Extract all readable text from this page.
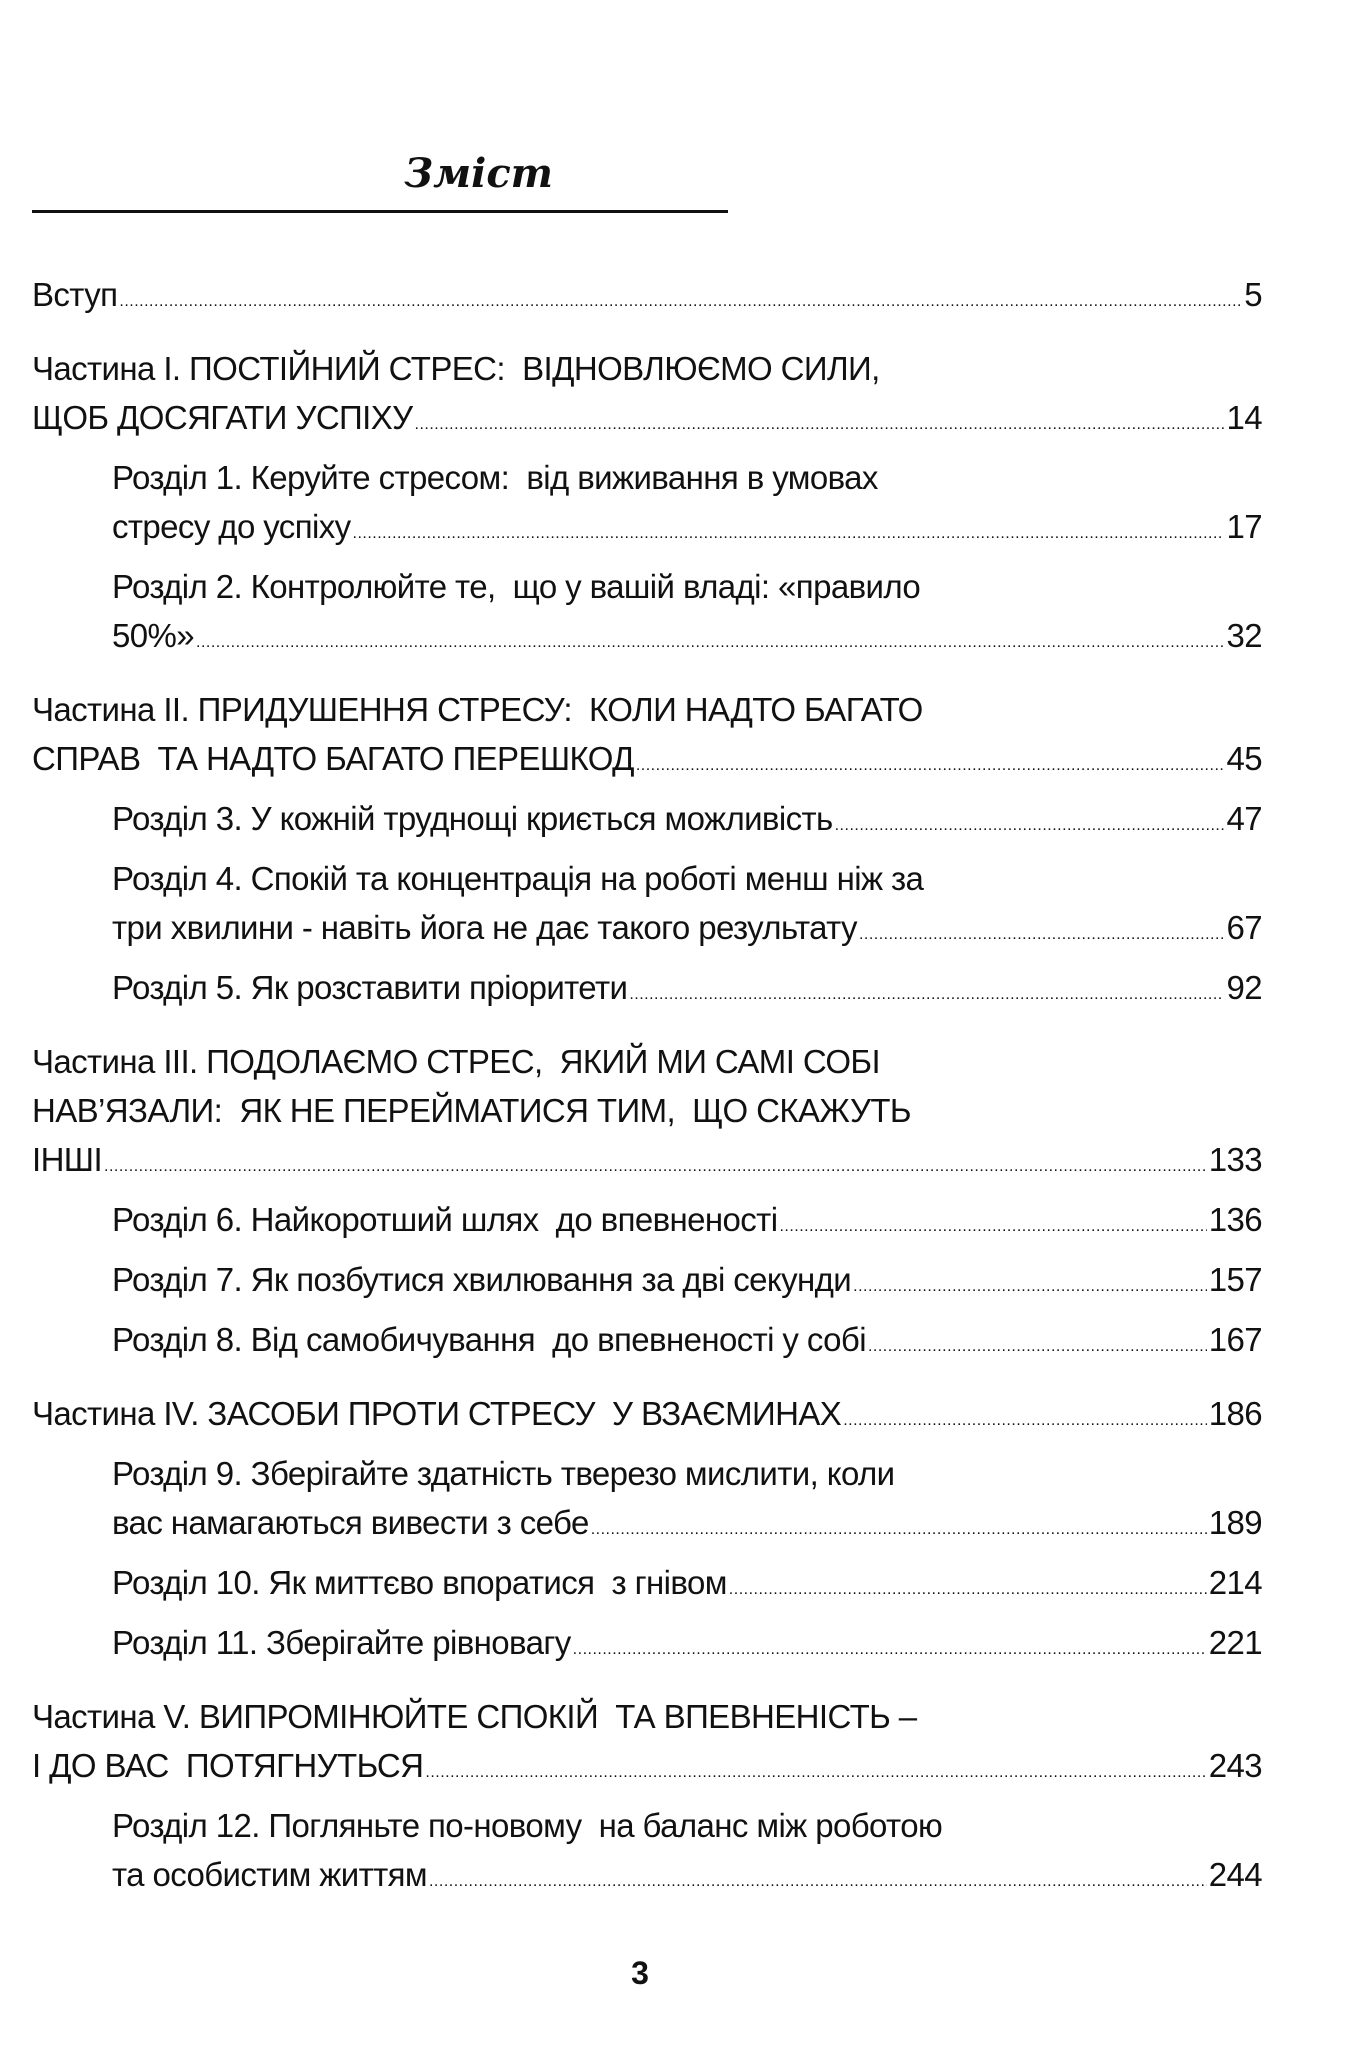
Зміст
Вступ .....	5
Частина І. ПОСТІЙНИЙ СТРЕС:  ВІДНОВЛЮЄМО СИЛИ,
ЩОБ ДОСЯГАТИ УСПІХУ .....	14
Розділ 1. Керуйте стресом:  від виживання в умовах
стресу до успіху .....	17
Розділ 2. Контролюйте те,  що у вашій владі: «правило
50%» .....	32
Частина ІІ. ПРИДУШЕННЯ СТРЕСУ:  КОЛИ НАДТО БАГАТО
СПРАВ  ТА НАДТО БАГАТО ПЕРЕШКОД .....	45
Розділ 3. У кожній труднощі криється можливість .....	47
Розділ 4. Спокій та концентрація на роботі менш ніж за
три хвилини - навіть йога не дає такого результату .....	67
Розділ 5. Як розставити пріоритети .....	92
Частина ІІІ. ПОДОЛАЄМО СТРЕС,  ЯКИЙ МИ САМІ СОБІ
НАВ’ЯЗАЛИ:  ЯК НЕ ПЕРЕЙМАТИСЯ ТИМ,  ЩО СКАЖУТЬ
ІНШІ .....	133
Розділ 6. Найкоротший шлях  до впевненості .....	136
Розділ 7. Як позбутися хвилювання за дві секунди .....	157
Розділ 8. Від самобичування  до впевненості у собі .....	167
Частина IV. ЗАСОБИ ПРОТИ СТРЕСУ  У ВЗАЄМИНАХ .....	186
Розділ 9. Зберігайте здатність тверезо мислити, коли
вас намагаються вивести з себе .....	189
Розділ 10. Як миттєво впоратися  з гнівом .....	214
Розділ 11. Зберігайте рівновагу .....	221
Частина V. ВИПРОМІНЮЙТЕ СПОКІЙ  ТА ВПЕВНЕНІСТЬ –
І ДО ВАС  ПОТЯГНУТЬСЯ .....	243
Розділ 12. Погляньте по-новому  на баланс між роботою
та особистим життям .....	244
3
